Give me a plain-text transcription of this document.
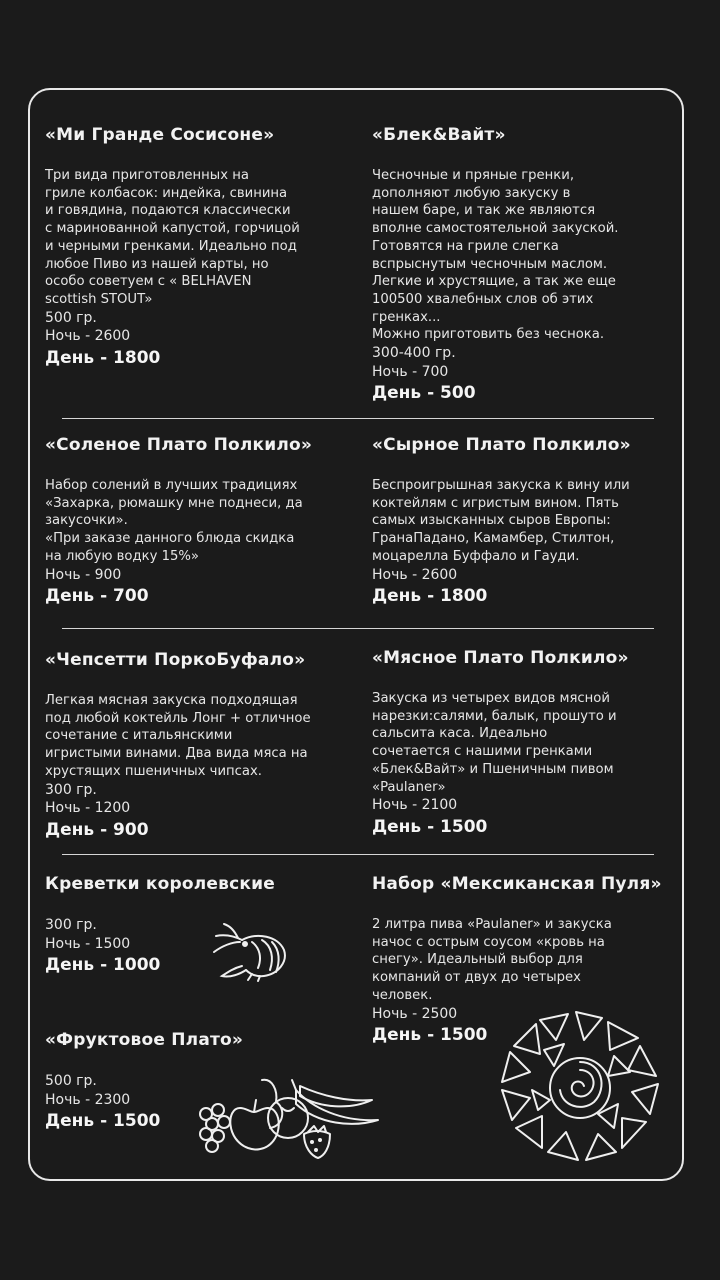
«Ми Гранде Сосисоне»
Три вида приготовленных на
гриле колбасок: индейка, свинина
и говядина, подаются классически
с маринованной капустой, горчицой
и черными гренками. Идеально под
любое Пиво из нашей карты, но
особо советуем с « BELHAVEN
scottish STOUT»
500 гр.
Ночь - 2600
День - 1800
«Блек&Вайт»
Чесночные и пряные гренки,
дополняют любую закуску в
нашем баре, и так же являются
вполне самостоятельной закуской.
Готовятся на гриле слегка
вспрыснутым чесночным маслом.
Легкие и хрустящие, а так же еще
100500 хвалебных слов об этих
гренках...
Можно приготовить без чеснока.
300-400 гр.
Ночь - 700
День - 500
«Соленое Плато Полкило»
Набор солений в лучших традициях
«Захарка, рюмашку мне поднеси, да
закусочки».
«При заказе данного блюда скидка
на любую водку 15%»
Ночь - 900
День - 700
«Сырное Плато Полкило»
Беспроигрышная закуска к вину или
коктейлям с игристым вином. Пять
самых изысканных сыров Европы:
ГранаПадано, Камамбер, Стилтон,
моцарелла Буффало и Гауди.
Ночь - 2600
День - 1800
«Чепсетти ПоркоБуфало»
Легкая мясная закуска подходящая
под любой коктейль Лонг + отличное
сочетание с итальянскими
игристыми винами. Два вида мяса на
хрустящих пшеничных чипсах.
300 гр.
Ночь - 1200
День - 900
«Мясное Плато Полкило»
Закуска из четырех видов мясной
нарезки:салями, балык, прошуто и
сальсита каса. Идеально
сочетается с нашими гренками
«Блек&Вайт» и Пшеничным пивом
«Paulaner»
Ночь - 2100
День - 1500
Креветки королевские
300 гр.
Ночь - 1500
День - 1000
Набор «Мексиканская Пуля»
2 литра пива «Paulaner» и закуска
начос с острым соусом «кровь на
снегу». Идеальный выбор для
компаний от двух до четырех
человек.
Ночь - 2500
День - 1500
«Фруктовое Плато»
500 гр.
Ночь - 2300
День - 1500
